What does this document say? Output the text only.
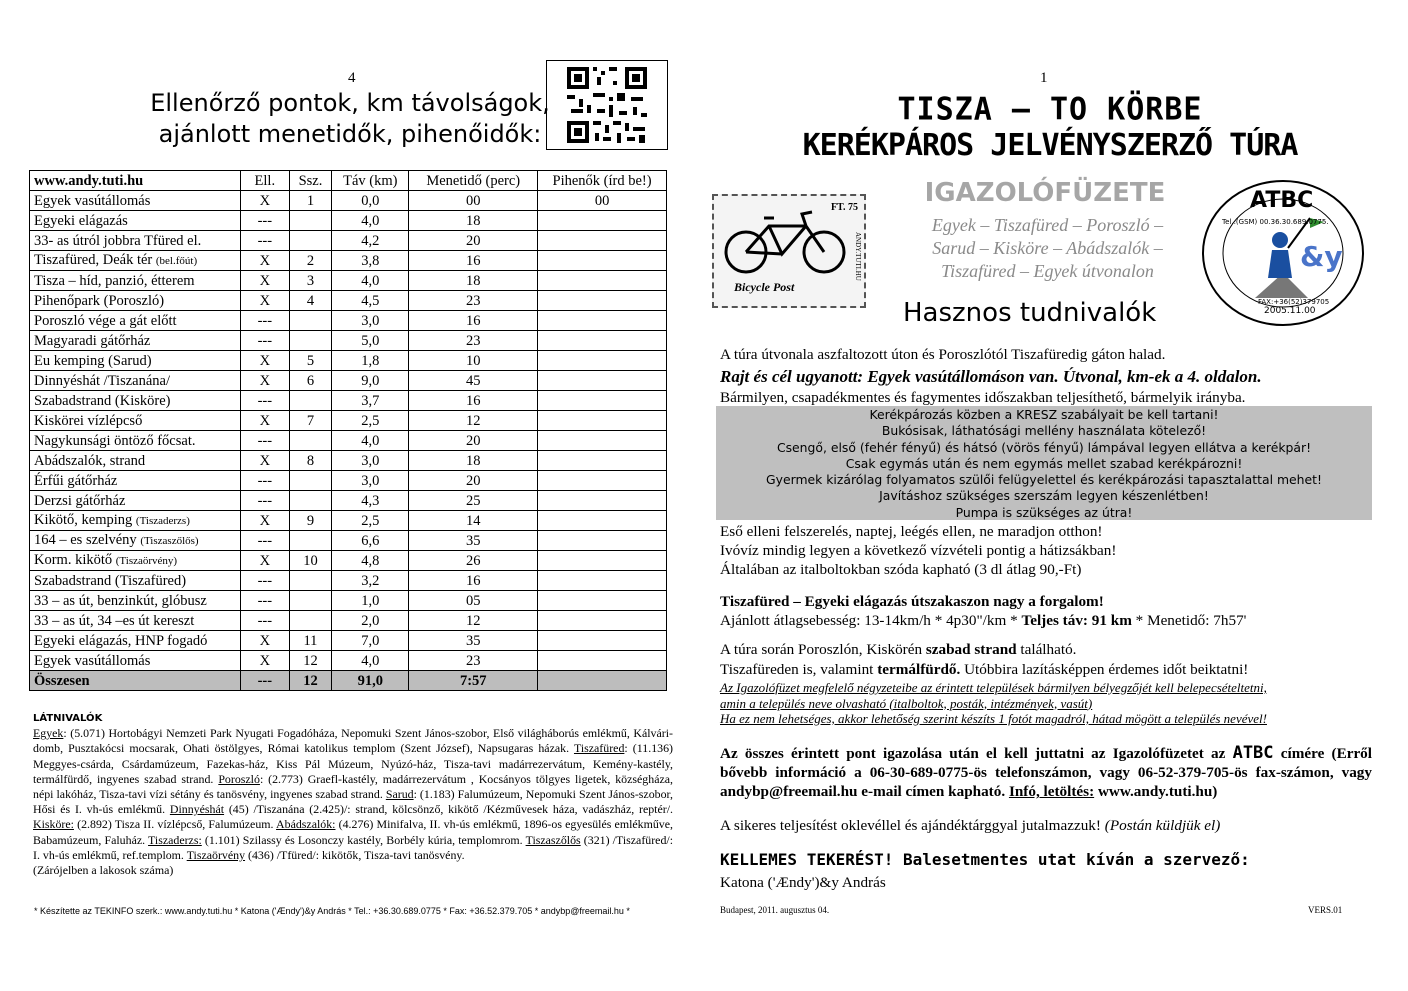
4
Ellenőrző pontok, km távolságok,
ajánlott menetidők, pihenőidők:
www.andy.tuti.hu	Ell.	Ssz.	Táv (km)	Menetidő (perc)	Pihenők (írd be!)
Egyek vasútállomás	X	1	0,0	00	00
Egyeki elágazás	---		4,0	18	
33- as útról jobbra Tfüred el.	---		4,2	20	
Tiszafüred, Deák tér (bel.főút)	X	2	3,8	16	
Tisza – híd, panzió, étterem	X	3	4,0	18	
Pihenőpark (Poroszló)	X	4	4,5	23	
Poroszló vége a gát előtt	---		3,0	16	
Magyaradi gátőrház	---		5,0	23	
Eu kemping (Sarud)	X	5	1,8	10	
Dinnyéshát /Tiszanána/	X	6	9,0	45	
Szabadstrand (Kisköre)	---		3,7	16	
Kiskörei vízlépcső	X	7	2,5	12	
Nagykunsági öntöző főcsat.	---		4,0	20	
Abádszalók, strand	X	8	3,0	18	
Érfűi gátőrház	---		3,0	20	
Derzsi gátőrház	---		4,3	25	
Kikötő, kemping (Tiszaderzs)	X	9	2,5	14	
164 – es szelvény (Tiszaszőlős)	---		6,6	35	
Korm. kikötő (Tiszaörvény)	X	10	4,8	26	
Szabadstrand (Tiszafüred)	---		3,2	16	
33 – as út, benzinkút, glóbusz	---		1,0	05	
33 – as út, 34 –es út kereszt	---		2,0	12	
Egyeki elágazás, HNP fogadó	X	11	7,0	35	
Egyek vasútállomás	X	12	4,0	23	
Összesen	---	12	91,0	7:57	
LÁTNIVALÓK
Egyek: (5.071) Hortobágyi Nemzeti Park Nyugati Fogadóháza, Nepomuki Szent János-szobor, Első világháborús emlékmű, Kálvári-domb, Pusztakócsi mocsarak, Ohati östölgyes, Római katolikus templom (Szent József), Napsugaras házak. Tiszafüred: (11.136) Meggyes-csárda, Csárdamúzeum, Fazekas-ház, Kiss Pál Múzeum, Nyúzó-ház, Tisza-tavi madárrezervátum, Kemény-kastély, termálfürdő, ingyenes szabad strand. Poroszló: (2.773) Graefl-kastély, madárrezervátum , Kocsányos tölgyes ligetek, községháza, népi lakóház, Tisza-tavi vízi sétány és tanösvény, ingyenes szabad strand. Sarud: (1.183) Falumúzeum, Nepomuki Szent János-szobor, Hősi és I. vh-ús emlékmű. Dinnyéshát (45) /Tiszanána (2.425)/: strand, kölcsönző, kikötő /Kézművesek háza, vadászház, reptér/. Kisköre: (2.892) Tisza II. vízlépcső, Falumúzeum. Abádszalók: (4.276) Minifalva, II. vh-ús emlékmű, 1896-os egyesülés emlékműve, Babamúzeum, Faluház. Tiszaderzs: (1.101) Szilassy és Losonczy kastély, Borbély kúria, templomrom. Tiszaszőlős (321) /Tiszafüred/: I. vh-ús emlékmű, ref.templom. Tiszaörvény (436) /Tfüred/: kikötők, Tisza-tavi tanösvény.
(Zárójelben a lakosok száma)
* Készítette az TEKINFO szerk.: www.andy.tuti.hu * Katona ('Ændy')&y András * Tel.: +36.30.689.0775 * Fax: +36.52.379.705 * andybp@freemail.hu *
1
TISZA – TO KÖRBE
KERÉKPÁROS JELVÉNYSZERZŐ TÚRA
Bicycle Post
FT. 75
ANDY.TUTI.HU
IGAZOLÓFÜZETE
Egyek – Tiszafüred – Poroszló –
Sarud – Kisköre – Abádszalók –
Tiszafüred – Egyek útvonalon
ATBC
&y
Tel.:(GSM) 00.36.30.689.0775.
FAX:+36(52)379705
2005.11.00
Hasznos tudnivalók
A túra útvonala aszfaltozott úton és Poroszlótól Tiszafüredig gáton halad.
Rajt és cél ugyanott: Egyek vasútállomáson van. Útvonal, km-ek a 4. oldalon.
Bármilyen, csapadékmentes és fagymentes időszakban teljesíthető, bármelyik irányba.
Kerékpározás közben a KRESZ szabályait be kell tartani!
Bukósisak, láthatósági mellény használata kötelező!
Csengő, első (fehér fényű) és hátsó (vörös fényű) lámpával legyen ellátva a kerékpár!
Csak egymás után és nem egymás mellet szabad kerékpározni!
Gyermek kizárólag folyamatos szülői felügyelettel és kerékpározási tapasztalattal mehet!
Javításhoz szükséges szerszám legyen készenlétben!
Pumpa is szükséges az útra!
Eső elleni felszerelés, naptej, leégés ellen, ne maradjon otthon!
Ivóvíz mindig legyen a következő vízvételi pontig a hátizsákban!
Általában az italboltokban szóda kapható (3 dl átlag 90,-Ft)
Tiszafüred – Egyeki elágazás útszakaszon nagy a forgalom!
Ajánlott átlagsebesség: 13-14km/h * 4p30"/km * Teljes táv: 91 km * Menetidő: 7h57'
A túra során Poroszlón, Kiskörén szabad strand található.
Tiszafüreden is, valamint termálfürdő. Utóbbira lazításképpen érdemes időt beiktatni!
Az Igazolófüzet megfelelő négyzeteibe az érintett települések bármilyen bélyegzőjét kell belepecsételtetni,
amin a település neve olvasható (italboltok, posták, intézmények, vasút)
Ha ez nem lehetséges, akkor lehetőség szerint készíts 1 fotót magadról, hátad mögött a település nevével!
Az összes érintett pont igazolása után el kell juttatni az Igazolófüzetet az ATBC címére (Erről bővebb információ a 06-30-689-0775-ös telefonszámon, vagy 06-52-379-705-ös fax-számon, vagy andybp@freemail.hu e-mail címen kapható. Infó, letöltés: www.andy.tuti.hu)
A sikeres teljesítést oklevéllel és ajándéktárggyal jutalmazzuk! (Postán küldjük el)
KELLEMES TEKERÉST! Balesetmentes utat kíván a szervező:
Katona ('Ændy')&y András
Budapest, 2011. augusztus 04.	VERS.01
